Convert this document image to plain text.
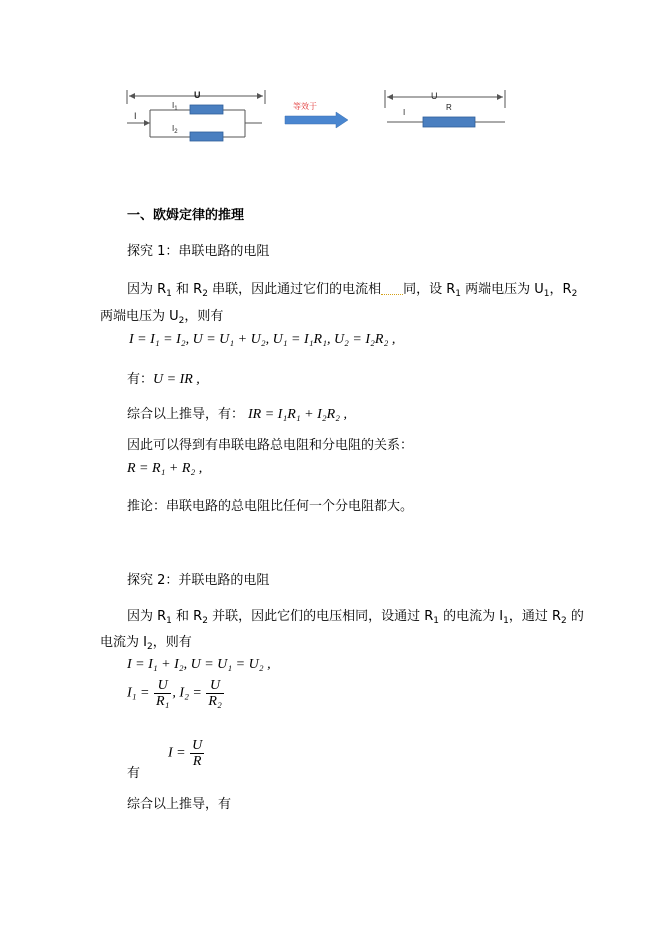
U
I
$I_1$
$I_2$
等效于
U
I
R
一、欧姆定律的推理
探究 1：串联电路的电阻
因为 $R_1$ 和 $R_2$ 串联，因此通过它们的电流相 同，设 $R_1$ 两端电压为 $U_1$，$R_2$
两端电压为 $U_2$，则有
I = I₁ = I₂, U = U₁ + U₂, U₁ = I₁R₁, U₂ = I₂R₂ ,
有：U = IR ,
综合以上推导，有： IR = I₁R₁ + I₂R₂ ,
因此可以得到有串联电路总电阻和分电阻的关系：
R = R₁ + R₂ ,
推论：串联电路的总电阻比任何一个分电阻都大。
探究 2：并联电路的电阻
因为 $R_1$ 和 $R_2$ 并联，因此它们的电压相同，设通过 $R_1$ 的电流为 $I_1$，通过 $R_2$ 的
电流为 $I_2$，则有
I = I₁ + I₂, U = U₁ = U₂ ,
$I_1 = \frac{U}{\text{R₁}}$ , $I_2 = \frac{U}{\text{R₂}}$
有
$I = \frac{U}{R}$
综合以上推导，有
